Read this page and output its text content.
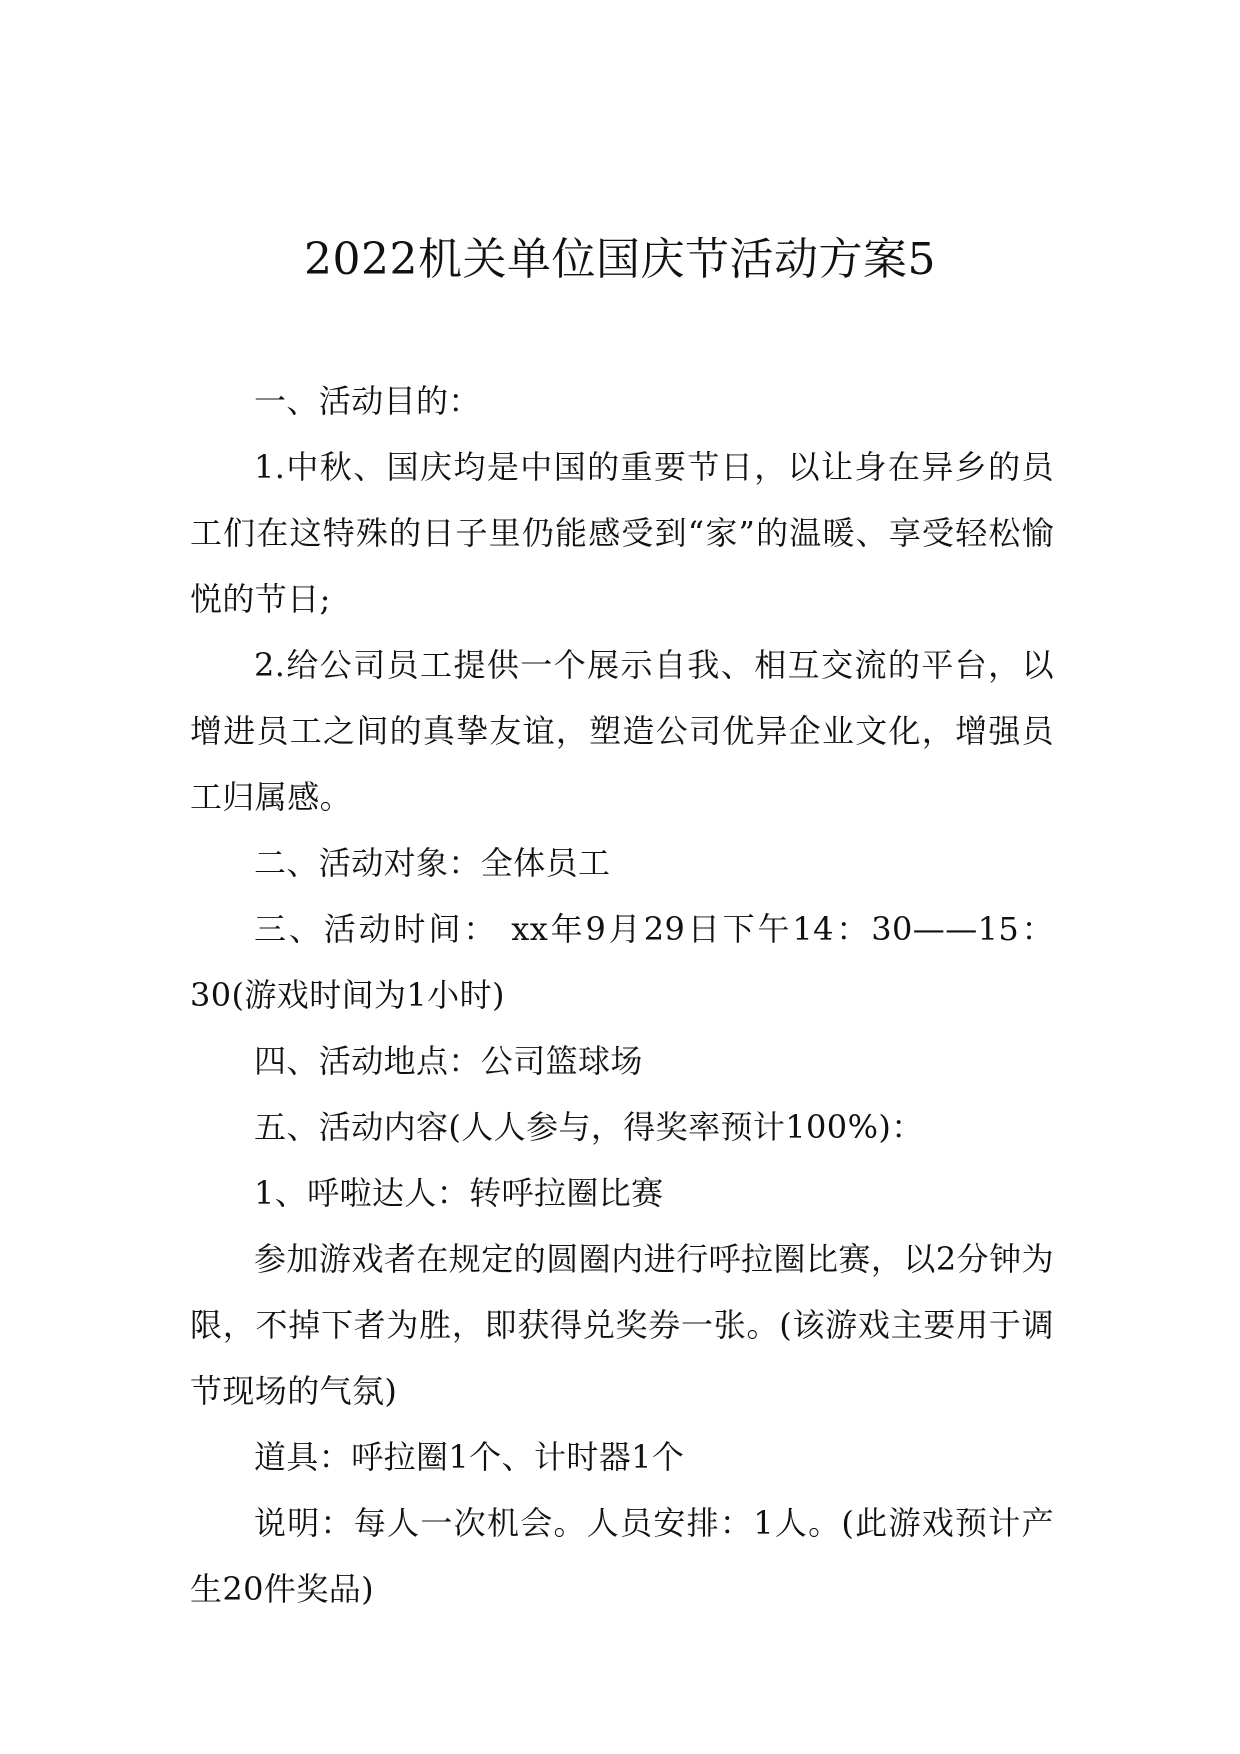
2022机关单位国庆节活动方案5

一、活动目的：

1.中秋、国庆均是中国的重要节日，以让身在异乡的员工们在这特殊的日子里仍能感受到“家”的温暖、享受轻松愉悦的节日;

2.给公司员工提供一个展示自我、相互交流的平台，以增进员工之间的真挚友谊，塑造公司优异企业文化，增强员工归属感。

二、活动对象：全体员工

三、活动时间： xx年9月29日下午14：30——15：30(游戏时间为1小时)

四、活动地点：公司篮球场

五、活动内容(人人参与，得奖率预计100%)：

1、呼啦达人：转呼拉圈比赛

参加游戏者在规定的圆圈内进行呼拉圈比赛，以2分钟为限，不掉下者为胜，即获得兑奖券一张。(该游戏主要用于调节现场的气氛)

道具：呼拉圈1个、计时器1个

说明：每人一次机会。人员安排：1人。(此游戏预计产生20件奖品)
